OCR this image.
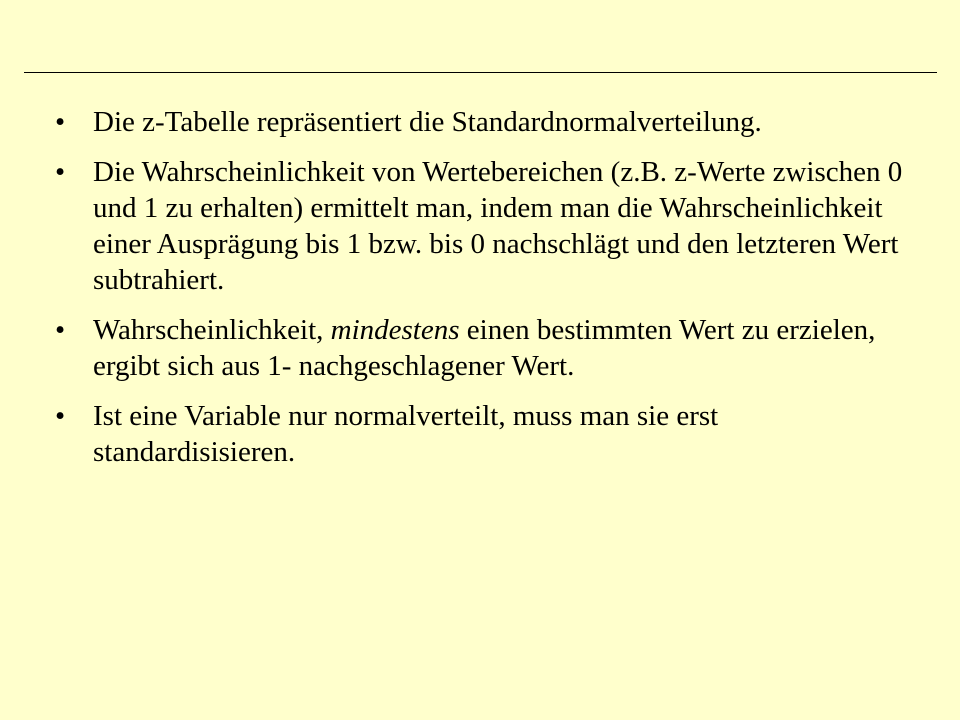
• Die z-Tabelle repräsentiert die Standardnormalverteilung.

• Die Wahrscheinlichkeit von Wertebereichen (z.B. z-Werte zwischen 0 und 1 zu erhalten) ermittelt man, indem man die Wahrscheinlichkeit einer Ausprägung bis 1 bzw. bis 0 nachschlägt und den letzteren Wert subtrahiert.

• Wahrscheinlichkeit, mindestens einen bestimmten Wert zu erzielen, ergibt sich aus 1- nachgeschlagener Wert.

• Ist eine Variable nur normalverteilt, muss man sie erst standardisisieren.
